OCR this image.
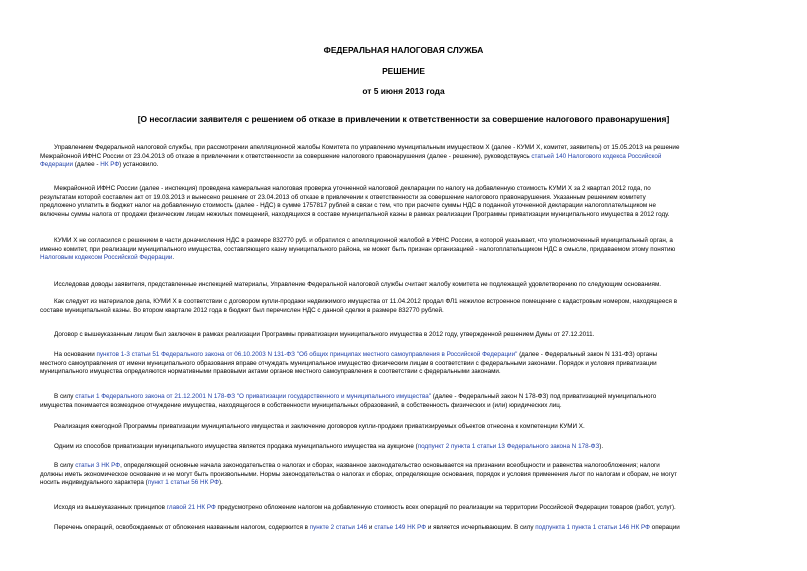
ФЕДЕРАЛЬНАЯ НАЛОГОВАЯ СЛУЖБА
РЕШЕНИЕ
от 5 июня 2013 года
[О несогласии заявителя с решением об отказе в привлечении к ответственности за совершение налогового правонарушения]
Управлением Федеральной налоговой службы, при рассмотрении апелляционной жалобы Комитета по управлению муниципальным имуществом X (далее - КУМИ X, комитет, заявитель) от 15.05.2013 на решение
Межрайонной ИФНС России от 23.04.2013 об отказе в привлечении к ответственности за совершение налогового правонарушения (далее - решение), руководствуясь статьей 140 Налогового кодекса Российской
Федерации (далее - НК РФ) установило.
Межрайонной ИФНС России (далее - инспекция) проведена камеральная налоговая проверка уточненной налоговой декларации по налогу на добавленную стоимость КУМИ X за 2 квартал 2012 года, по
результатам которой составлен акт от 19.03.2013 и вынесено решение от 23.04.2013 об отказе в привлечении к ответственности за совершение налогового правонарушения. Указанным решением комитету
предложено уплатить в бюджет налог на добавленную стоимость (далее - НДС) в сумме 1757817 рублей в связи с тем, что при расчете суммы НДС в поданной уточненной декларации налогоплательщиком не
включены суммы налога от продажи физическим лицам нежилых помещений, находящихся в составе муниципальной казны в рамках реализации Программы приватизации муниципального имущества в 2012 году.
КУМИ X не согласился с решением в части доначисления НДС в размере 832770 руб. и обратился с апелляционной жалобой в УФНС России, в которой указывает, что уполномоченный муниципальный орган, а
именно комитет, при реализации муниципального имущества, составляющего казну муниципального района, не может быть признан организацией - налогоплательщиком НДС в смысле, придаваемом этому понятию
Налоговым кодексом Российской Федерации.
Исследовав доводы заявителя, представленные инспекцией материалы, Управление Федеральной налоговой службы считает жалобу комитета не подлежащей удовлетворению по следующим основаниям.
Как следует из материалов дела, КУМИ X в соответствии с договором купли-продажи недвижимого имущества от 11.04.2012 продал ФЛ1 нежилое встроенное помещение с кадастровым номером, находящееся в
составе муниципальной казны. Во втором квартале 2012 года в бюджет был перечислен НДС с данной сделки в размере 832770 рублей.
Договор с вышеуказанным лицом был заключен в рамках реализации Программы приватизации муниципального имущества в 2012 году, утвержденной решением Думы от 27.12.2011.
На основании пунктов 1-3 статьи 51 Федерального закона от 06.10.2003 N 131-ФЗ "Об общих принципах местного самоуправления в Российской Федерации" (далее - Федеральный закон N 131-ФЗ) органы
местного самоуправления от имени муниципального образования вправе отчуждать муниципальное имущество физическим лицам в соответствии с федеральными законами. Порядок и условия приватизации
муниципального имущества определяются нормативными правовыми актами органов местного самоуправления в соответствии с федеральными законами.
В силу статьи 1 Федерального закона от 21.12.2001 N 178-ФЗ "О приватизации государственного и муниципального имущества" (далее - Федеральный закон N 178-ФЗ) под приватизацией муниципального
имущества понимается возмездное отчуждение имущества, находящегося в собственности муниципальных образований, в собственность физических и (или) юридических лиц.
Реализация ежегодной Программы приватизации муниципального имущества и заключение договоров купли-продажи приватизируемых объектов отнесена к компетенции КУМИ X.
Одним из способов приватизации муниципального имущества является продажа муниципального имущества на аукционе (подпункт 2 пункта 1 статьи 13 Федерального закона N 178-ФЗ).
В силу статьи 3 НК РФ, определяющей основные начала законодательства о налогах и сборах, названное законодательство основывается на признании всеобщности и равенства налогообложения; налоги
должны иметь экономическое основание и не могут быть произвольными. Нормы законодательства о налогах и сборах, определяющие основания, порядок и условия применения льгот по налогам и сборам, не могут
носить индивидуального характера (пункт 1 статьи 56 НК РФ).
Исходя из вышеуказанных принципов главой 21 НК РФ предусмотрено обложение налогом на добавленную стоимость всех операций по реализации на территории Российской Федерации товаров (работ, услуг).
Перечень операций, освобождаемых от обложения названным налогом, содержится в пункте 2 статьи 146 и статье 149 НК РФ и является исчерпывающим. В силу подпункта 1 пункта 1 статьи 146 НК РФ операции
